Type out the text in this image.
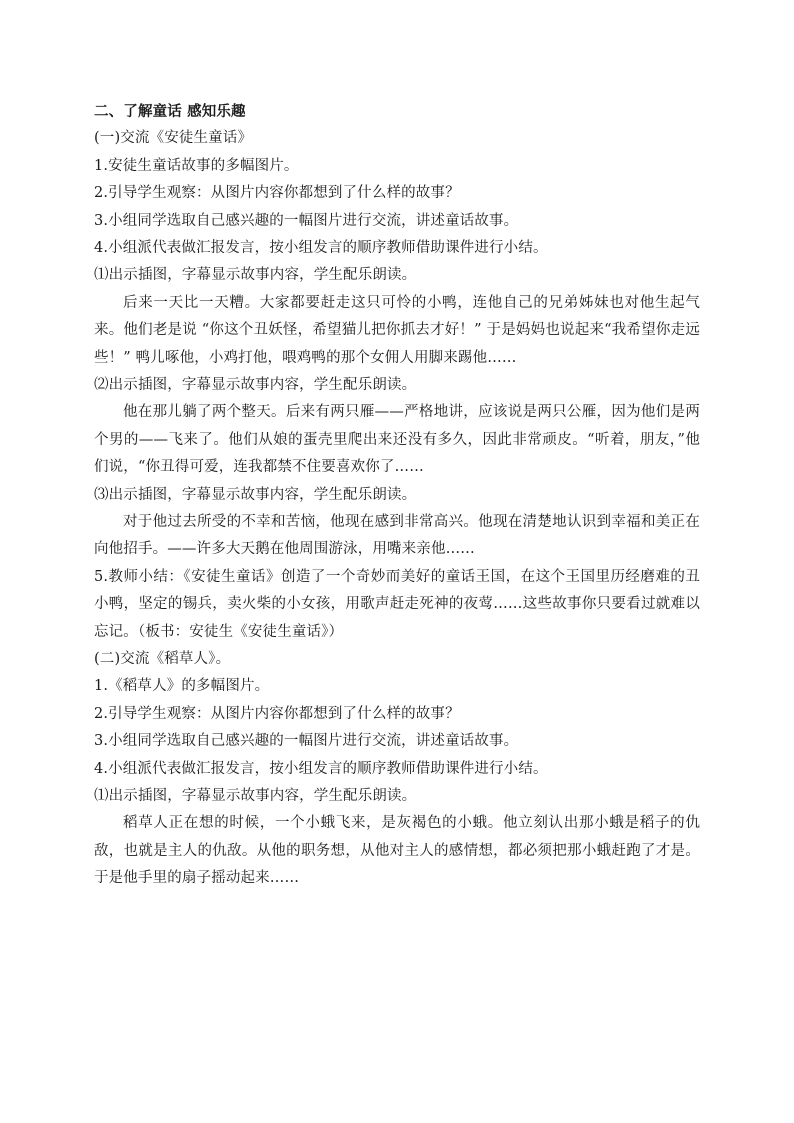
二、了解童话 感知乐趣
(一)交流《安徒生童话》
1.安徒生童话故事的多幅图片。
2.引导学生观察：从图片内容你都想到了什么样的故事？
3.小组同学选取自己感兴趣的一幅图片进行交流，讲述童话故事。
4.小组派代表做汇报发言，按小组发言的顺序教师借助课件进行小结。
⑴出示插图，字幕显示故事内容，学生配乐朗读。

后来一天比一天糟。大家都要赶走这只可怜的小鸭，连他自己的兄弟姊妹也对他生起气来。他们老是说 “你这个丑妖怪，希望猫儿把你抓去才好！” 于是妈妈也说起来“我希望你走远些！” 鸭儿啄他，小鸡打他，喂鸡鸭的那个女佣人用脚来踢他……

⑵出示插图，字幕显示故事内容，学生配乐朗读。

他在那儿躺了两个整天。后来有两只雁——严格地讲，应该说是两只公雁，因为他们是两个男的——飞来了。他们从娘的蛋壳里爬出来还没有多久，因此非常顽皮。“听着，朋友，”他们说，“你丑得可爱，连我都禁不住要喜欢你了……

⑶出示插图，字幕显示故事内容，学生配乐朗读。

对于他过去所受的不幸和苦恼，他现在感到非常高兴。他现在清楚地认识到幸福和美正在向他招手。——许多大天鹅在他周围游泳，用嘴来亲他……

5.教师小结：《安徒生童话》创造了一个奇妙而美好的童话王国，在这个王国里历经磨难的丑小鸭，坚定的锡兵，卖火柴的小女孩，用歌声赶走死神的夜莺……这些故事你只要看过就难以忘记。（板书：安徒生《安徒生童话》）

(二)交流《稻草人》。
1.《稻草人》的多幅图片。
2.引导学生观察：从图片内容你都想到了什么样的故事？
3.小组同学选取自己感兴趣的一幅图片进行交流，讲述童话故事。
4.小组派代表做汇报发言，按小组发言的顺序教师借助课件进行小结。
⑴出示插图，字幕显示故事内容，学生配乐朗读。

稻草人正在想的时候，一个小蛾飞来，是灰褐色的小蛾。他立刻认出那小蛾是稻子的仇敌，也就是主人的仇敌。从他的职务想，从他对主人的感情想，都必须把那小蛾赶跑了才是。于是他手里的扇子摇动起来……
